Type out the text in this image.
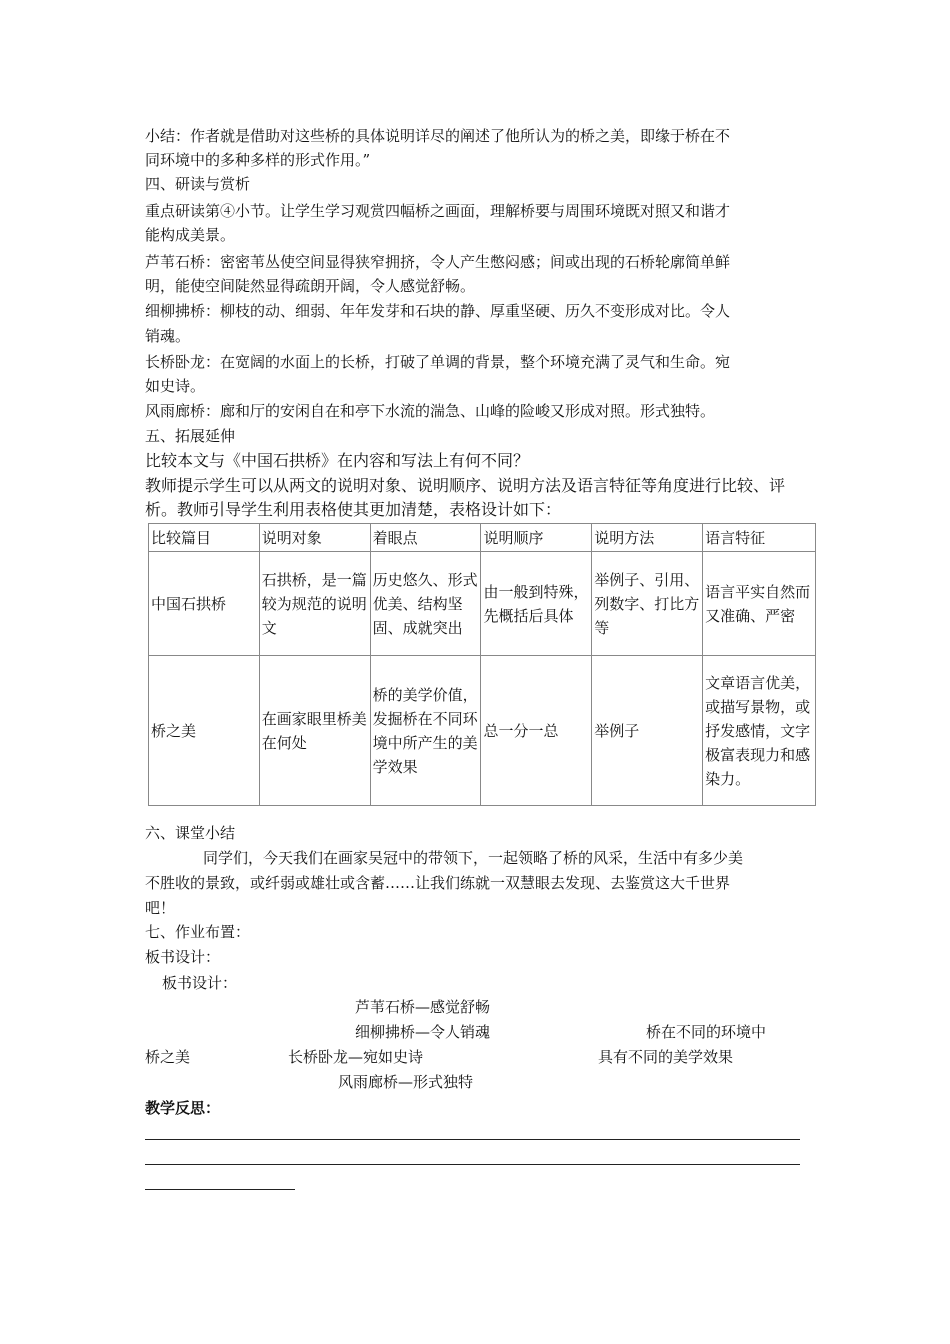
小结：作者就是借助对这些桥的具体说明详尽的阐述了他所认为的桥之美，即缘于桥在不
同环境中的多种多样的形式作用。”
四、研读与赏析
重点研读第④小节。让学生学习观赏四幅桥之画面，理解桥要与周围环境既对照又和谐才
能构成美景。
芦苇石桥：密密苇丛使空间显得狭窄拥挤，令人产生憋闷感；间或出现的石桥轮廓简单鲜
明，能使空间陡然显得疏朗开阔，令人感觉舒畅。
细柳拂桥：柳枝的动、细弱、年年发芽和石块的静、厚重坚硬、历久不变形成对比。令人
销魂。
长桥卧龙：在宽阔的水面上的长桥，打破了单调的背景，整个环境充满了灵气和生命。宛
如史诗。
风雨廊桥：廊和厅的安闲自在和亭下水流的湍急、山峰的险峻又形成对照。形式独特。
五、拓展延伸
比较本文与《中国石拱桥》在内容和写法上有何不同？
教师提示学生可以从两文的说明对象、说明顺序、说明方法及语言特征等角度进行比较、评
析。教师引导学生利用表格使其更加清楚，表格设计如下：
比较篇目	说明对象	着眼点	说明顺序	说明方法	语言特征
中国石拱桥	石拱桥，是一篇较为规范的说明文	历史悠久、形式优美、结构坚固、成就突出	由一般到特殊，先概括后具体	举例子、引用、列数字、打比方等	语言平实自然而又准确、严密
桥之美	在画家眼里桥美在何处	桥的美学价值，发掘桥在不同环境中所产生的美学效果	总一分一总	举例子	文章语言优美，或描写景物，或抒发感情，文字极富表现力和感染力。
六、课堂小结
同学们，今天我们在画家吴冠中的带领下，一起领略了桥的风采，生活中有多少美
不胜收的景致，或纤弱或雄壮或含蓄……让我们练就一双慧眼去发现、去鉴赏这大千世界
吧！
七、作业布置：
板书设计：
板书设计：
芦苇石桥—感觉舒畅
细柳拂桥—令人销魂	桥在不同的环境中
桥之美	长桥卧龙—宛如史诗	具有不同的美学效果
风雨廊桥—形式独特
教学反思：
